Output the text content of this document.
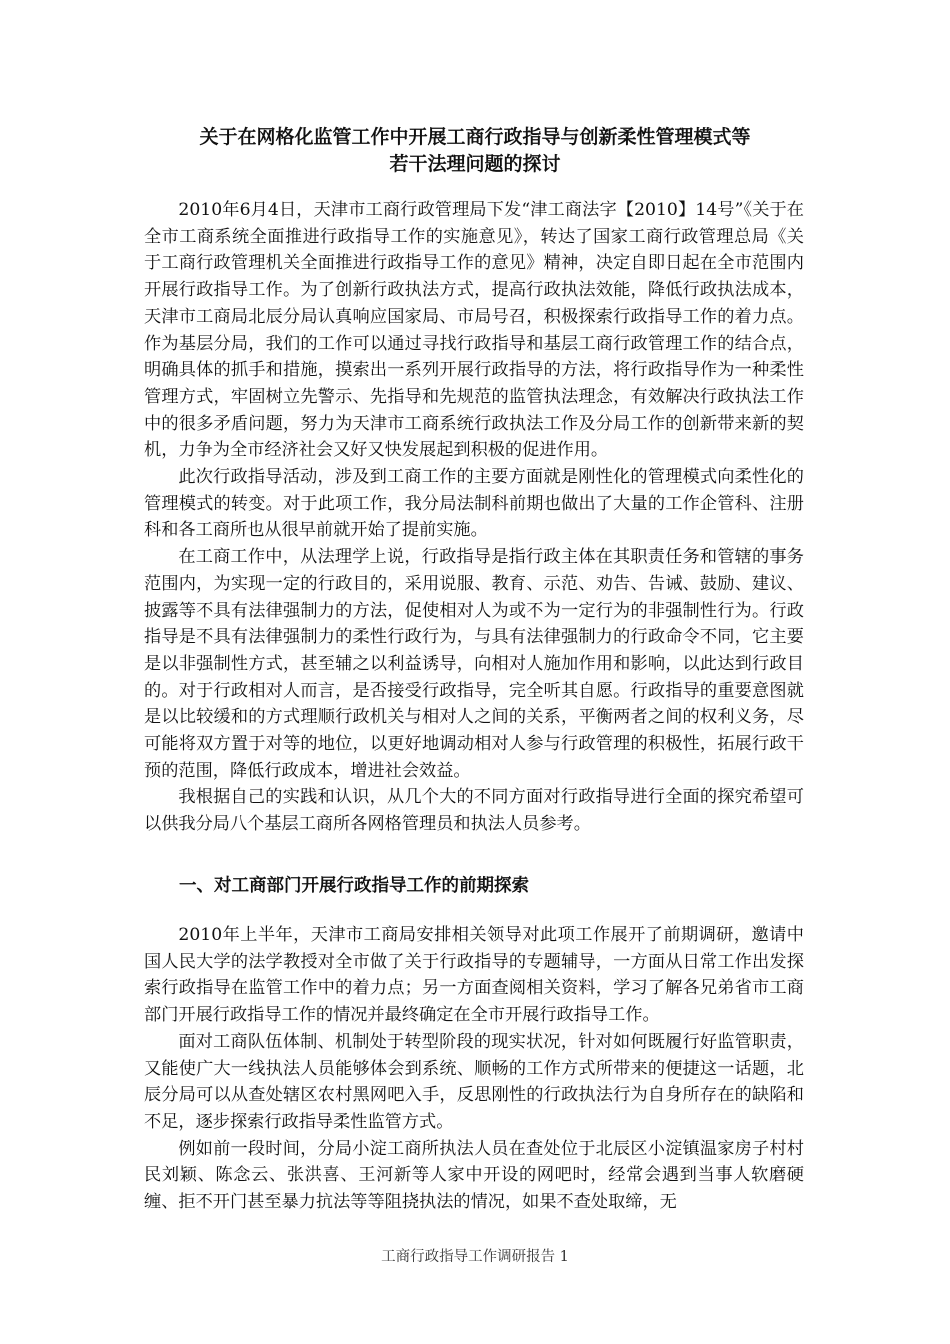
关于在网格化监管工作中开展工商行政指导与创新柔性管理模式等
若干法理问题的探讨

2010年6月4日，天津市工商行政管理局下发“津工商法字【2010】14号”《关于在全市工商系统全面推进行政指导工作的实施意见》，转达了国家工商行政管理总局《关于工商行政管理机关全面推进行政指导工作的意见》精神，决定自即日起在全市范围内开展行政指导工作。为了创新行政执法方式，提高行政执法效能，降低行政执法成本，天津市工商局北辰分局认真响应国家局、市局号召，积极探索行政指导工作的着力点。作为基层分局，我们的工作可以通过寻找行政指导和基层工商行政管理工作的结合点，明确具体的抓手和措施，摸索出一系列开展行政指导的方法，将行政指导作为一种柔性管理方式，牢固树立先警示、先指导和先规范的监管执法理念，有效解决行政执法工作中的很多矛盾问题，努力为天津市工商系统行政执法工作及分局工作的创新带来新的契机，力争为全市经济社会又好又快发展起到积极的促进作用。

此次行政指导活动，涉及到工商工作的主要方面就是刚性化的管理模式向柔性化的管理模式的转变。对于此项工作，我分局法制科前期也做出了大量的工作企管科、注册科和各工商所也从很早前就开始了提前实施。

在工商工作中，从法理学上说，行政指导是指行政主体在其职责任务和管辖的事务范围内，为实现一定的行政目的，采用说服、教育、示范、劝告、告诫、鼓励、建议、披露等不具有法律强制力的方法，促使相对人为或不为一定行为的非强制性行为。行政指导是不具有法律强制力的柔性行政行为，与具有法律强制力的行政命令不同，它主要是以非强制性方式，甚至辅之以利益诱导，向相对人施加作用和影响，以此达到行政目的。对于行政相对人而言，是否接受行政指导，完全听其自愿。行政指导的重要意图就是以比较缓和的方式理顺行政机关与相对人之间的关系，平衡两者之间的权利义务，尽可能将双方置于对等的地位，以更好地调动相对人参与行政管理的积极性，拓展行政干预的范围，降低行政成本，增进社会效益。

我根据自己的实践和认识，从几个大的不同方面对行政指导进行全面的探究希望可以供我分局八个基层工商所各网格管理员和执法人员参考。

一、对工商部门开展行政指导工作的前期探索

2010年上半年，天津市工商局安排相关领导对此项工作展开了前期调研，邀请中国人民大学的法学教授对全市做了关于行政指导的专题辅导，一方面从日常工作出发探索行政指导在监管工作中的着力点；另一方面查阅相关资料，学习了解各兄弟省市工商部门开展行政指导工作的情况并最终确定在全市开展行政指导工作。

面对工商队伍体制、机制处于转型阶段的现实状况，针对如何既履行好监管职责，又能使广大一线执法人员能够体会到系统、顺畅的工作方式所带来的便捷这一话题，北辰分局可以从查处辖区农村黑网吧入手，反思刚性的行政执法行为自身所存在的缺陷和不足，逐步探索行政指导柔性监管方式。

例如前一段时间，分局小淀工商所执法人员在查处位于北辰区小淀镇温家房子村村民刘颖、陈念云、张洪喜、王河新等人家中开设的网吧时，经常会遇到当事人软磨硬缠、拒不开门甚至暴力抗法等等阻挠执法的情况，如果不查处取缔，无

工商行政指导工作调研报告 1
